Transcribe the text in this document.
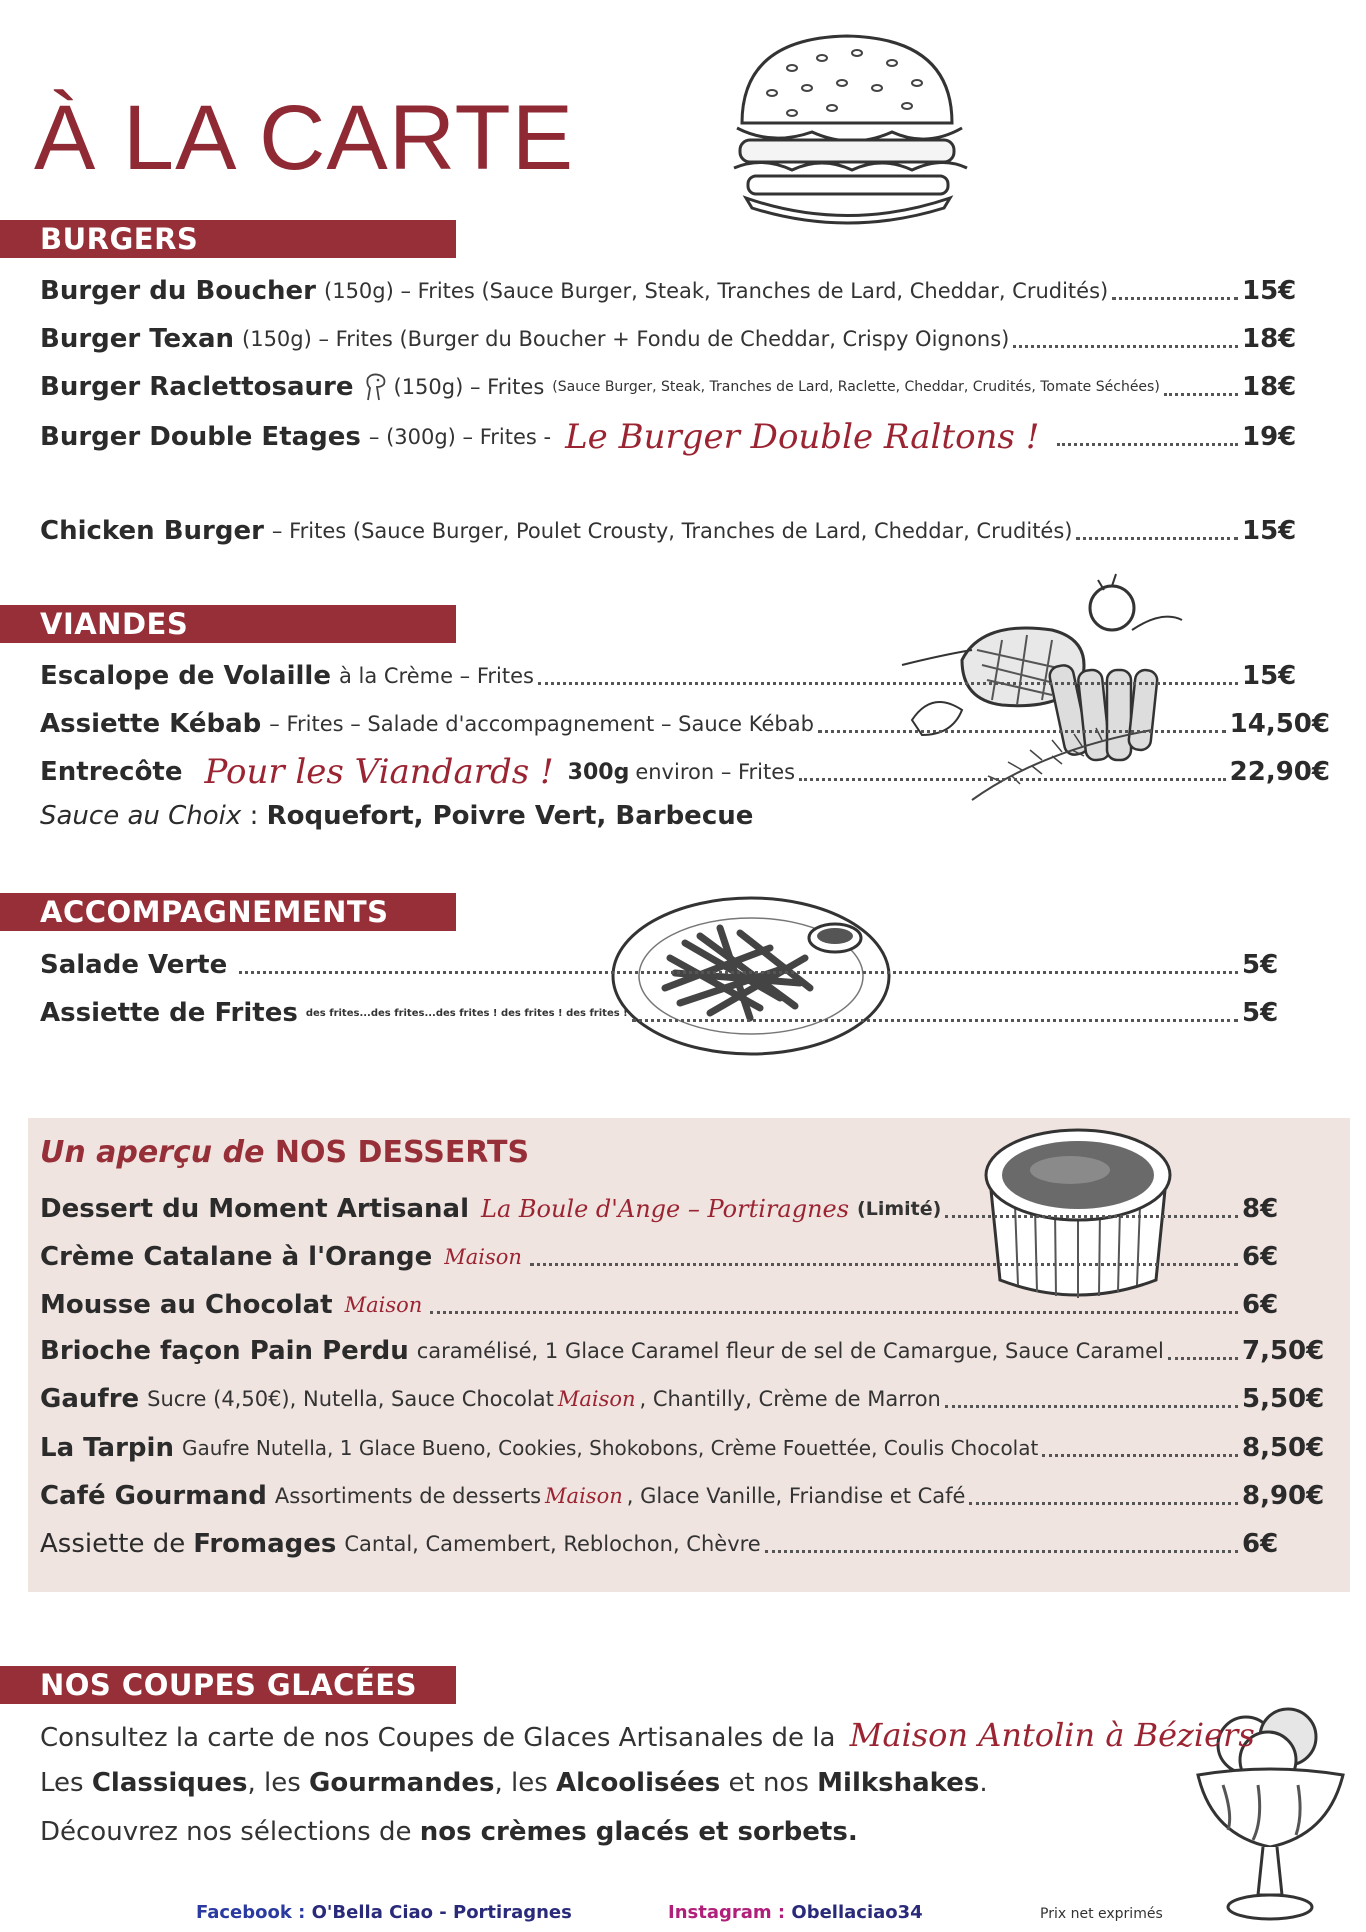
À LA CARTE
BURGERS
Burger du Boucher (150g) – Frites (Sauce Burger, Steak, Tranches de Lard, Cheddar, Crudités)	15€
Burger Texan (150g) – Frites (Burger du Boucher + Fondu de Cheddar, Crispy Oignons)	18€
Burger Raclettosaure (150g) – Frites (Sauce Burger, Steak, Tranches de Lard, Raclette, Cheddar, Crudités, Tomate Séchées)	18€
Burger Double Etages – (300g) – Frites - Le Burger Double Raltons !	19€
Chicken Burger – Frites (Sauce Burger, Poulet Crousty, Tranches de Lard, Cheddar, Crudités)	15€
VIANDES
Escalope de Volaille à la Crème – Frites	15€
Assiette Kébab – Frites – Salade d'accompagnement – Sauce Kébab	14,50€
Entrecôte Pour les Viandards ! 300g environ – Frites	22,90€
Sauce au Choix : Roquefort, Poivre Vert, Barbecue
ACCOMPAGNEMENTS
Salade Verte	5€
Assiette de Frites des frites...des frites...des frites ! des frites ! des frites !	5€
Un aperçu de NOS DESSERTS
Dessert du Moment Artisanal La Boule d'Ange – Portiragnes (Limité)	8€
Crème Catalane à l'Orange Maison	6€
Mousse au Chocolat Maison	6€
Brioche façon Pain Perdu caramélisé, 1 Glace Caramel fleur de sel de Camargue, Sauce Caramel	7,50€
Gaufre Sucre (4,50€), Nutella, Sauce Chocolat Maison , Chantilly, Crème de Marron	5,50€
La Tarpin Gaufre Nutella, 1 Glace Bueno, Cookies, Shokobons, Crème Fouettée, Coulis Chocolat	8,50€
Café Gourmand Assortiments de desserts Maison , Glace Vanille, Friandise et Café	8,90€
Assiette de Fromages Cantal, Camembert, Reblochon, Chèvre	6€
NOS COUPES GLACÉES
Consultez la carte de nos Coupes de Glaces Artisanales de la Maison Antolin à Béziers
Les Classiques, les Gourmandes, les Alcoolisées et nos Milkshakes.
Découvrez nos sélections de nos crèmes glacés et sorbets.
Facebook : O'Bella Ciao - Portiragnes	Instagram : Obellaciao34	Prix net exprimés
